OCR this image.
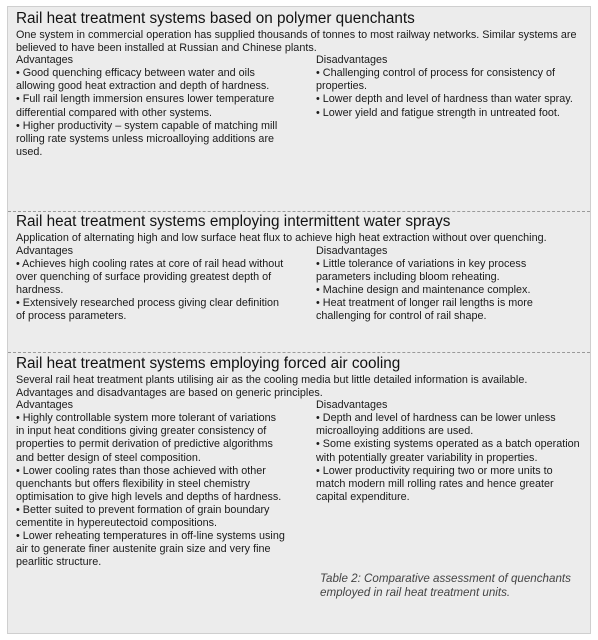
Rail heat treatment systems based on polymer quenchants

One system in commercial operation has supplied thousands of tonnes to most railway networks. Similar systems are believed to have been installed at Russian and Chinese plants.

Advantages

• Good quenching efficacy between water and oils allowing good heat extraction and depth of hardness.

• Full rail length immersion ensures lower temperature differential compared with other systems.

• Higher productivity – system capable of matching mill rolling rate systems unless microalloying additions are used.

Disadvantages

• Challenging control of process for consistency of properties.

• Lower depth and level of hardness than water spray.

• Lower yield and fatigue strength in untreated foot.

Rail heat treatment systems employing intermittent water sprays

Application of alternating high and low surface heat flux to achieve high heat extraction without over quenching.

Advantages

• Achieves high cooling rates at core of rail head without over quenching of surface providing greatest depth of hardness.

• Extensively researched process giving clear definition of process parameters.

Disadvantages

• Little tolerance of variations in key process parameters including bloom reheating.

• Machine design and maintenance complex.

• Heat treatment of longer rail lengths is more challenging for control of rail shape.

Rail heat treatment systems employing forced air cooling

Several rail heat treatment plants utilising air as the cooling media but little detailed information is available. Advantages and disadvantages are based on generic principles.

Advantages

• Highly controllable system more tolerant of variations in input heat conditions giving greater consistency of properties to permit derivation of predictive algorithms and better design of steel composition.

• Lower cooling rates than those achieved with other quenchants but offers flexibility in steel chemistry optimisation to give high levels and depths of hardness.

• Better suited to prevent formation of grain boundary cementite in hypereutectoid compositions.

• Lower reheating temperatures in off-line systems using air to generate finer austenite grain size and very fine pearlitic structure.

Disadvantages

• Depth and level of hardness can be lower unless microalloying additions are used.

• Some existing systems operated as a batch operation with potentially greater variability in properties.

• Lower productivity requiring two or more units to match modern mill rolling rates and hence greater capital expenditure.

Table 2: Comparative assessment of quenchants employed in rail heat treatment units.
